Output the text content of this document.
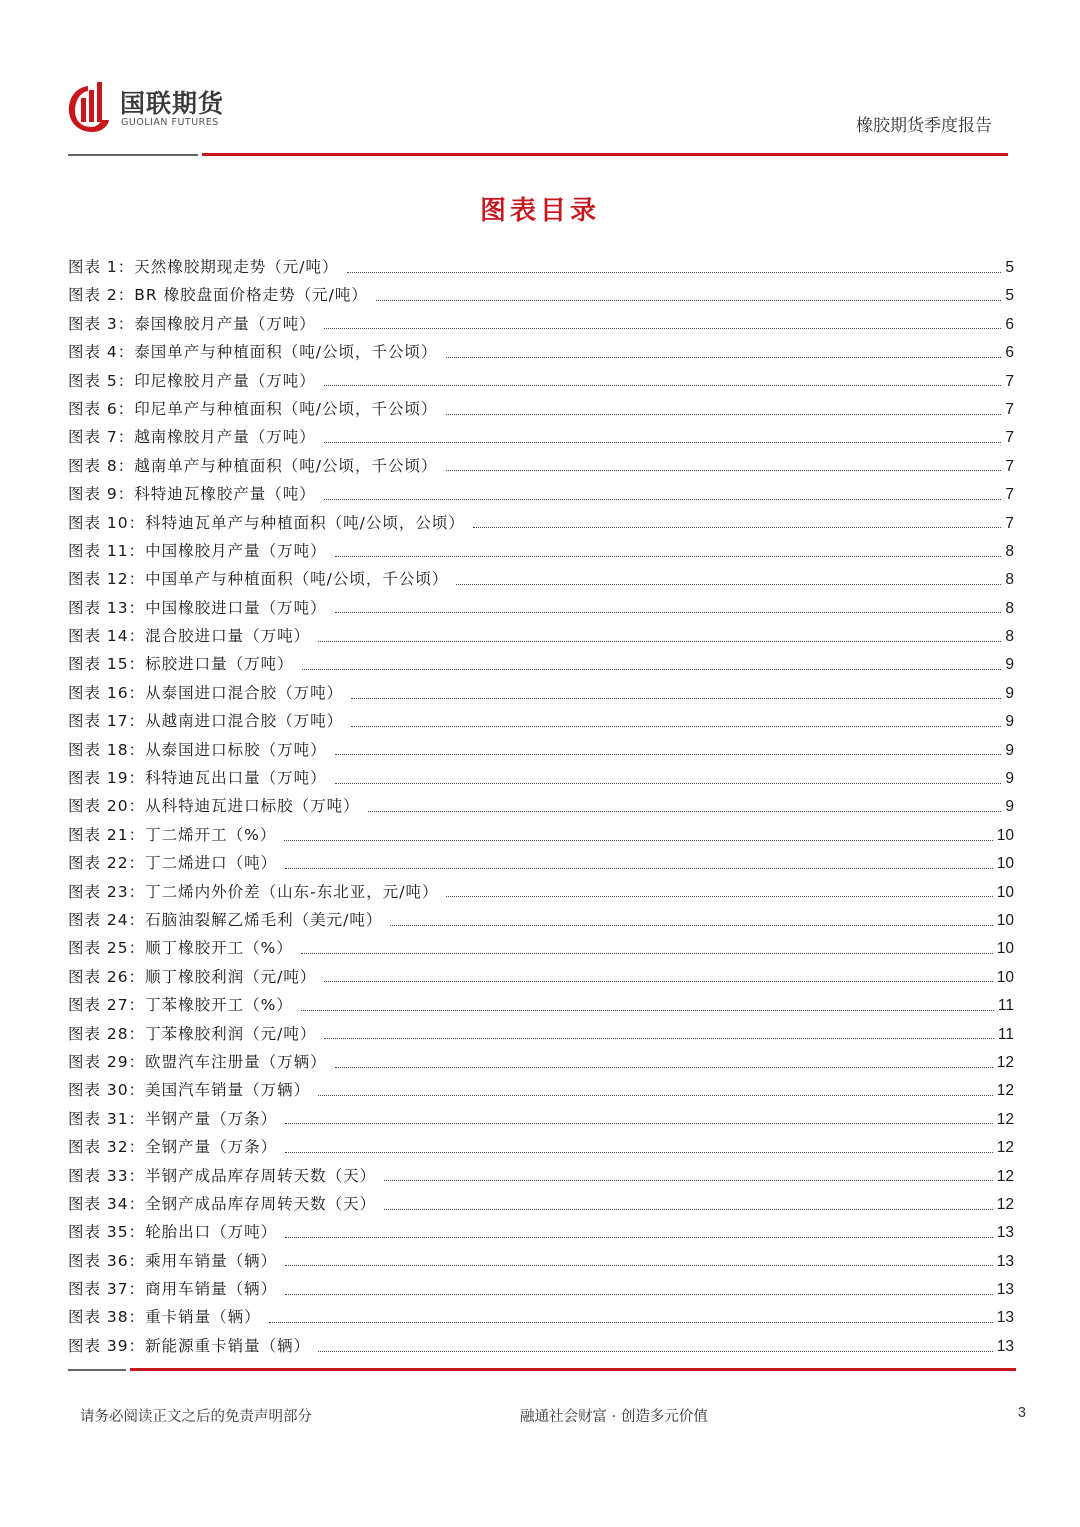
国联期货
GUOLIAN FUTURES	橡胶期货季度报告
图表目录
图表 1：天然橡胶期现走势（元/吨）	5
图表 2：BR 橡胶盘面价格走势（元/吨）	5
图表 3：泰国橡胶月产量（万吨）	6
图表 4：泰国单产与种植面积（吨/公顷，千公顷）	6
图表 5：印尼橡胶月产量（万吨）	7
图表 6：印尼单产与种植面积（吨/公顷，千公顷）	7
图表 7：越南橡胶月产量（万吨）	7
图表 8：越南单产与种植面积（吨/公顷，千公顷）	7
图表 9：科特迪瓦橡胶产量（吨）	7
图表 10：科特迪瓦单产与种植面积（吨/公顷，公顷）	7
图表 11：中国橡胶月产量（万吨）	8
图表 12：中国单产与种植面积（吨/公顷，千公顷）	8
图表 13：中国橡胶进口量（万吨）	8
图表 14：混合胶进口量（万吨）	8
图表 15：标胶进口量（万吨）	9
图表 16：从泰国进口混合胶（万吨）	9
图表 17：从越南进口混合胶（万吨）	9
图表 18：从泰国进口标胶（万吨）	9
图表 19：科特迪瓦出口量（万吨）	9
图表 20：从科特迪瓦进口标胶（万吨）	9
图表 21：丁二烯开工（%）	10
图表 22：丁二烯进口（吨）	10
图表 23：丁二烯内外价差（山东-东北亚，元/吨）	10
图表 24：石脑油裂解乙烯毛利（美元/吨）	10
图表 25：顺丁橡胶开工（%）	10
图表 26：顺丁橡胶利润（元/吨）	10
图表 27：丁苯橡胶开工（%）	11
图表 28：丁苯橡胶利润（元/吨）	11
图表 29：欧盟汽车注册量（万辆）	12
图表 30：美国汽车销量（万辆）	12
图表 31：半钢产量（万条）	12
图表 32：全钢产量（万条）	12
图表 33：半钢产成品库存周转天数（天）	12
图表 34：全钢产成品库存周转天数（天）	12
图表 35：轮胎出口（万吨）	13
图表 36：乘用车销量（辆）	13
图表 37：商用车销量（辆）	13
图表 38：重卡销量（辆）	13
图表 39：新能源重卡销量（辆）	13
请务必阅读正文之后的免责声明部分	融通社会财富 · 创造多元价值	3
